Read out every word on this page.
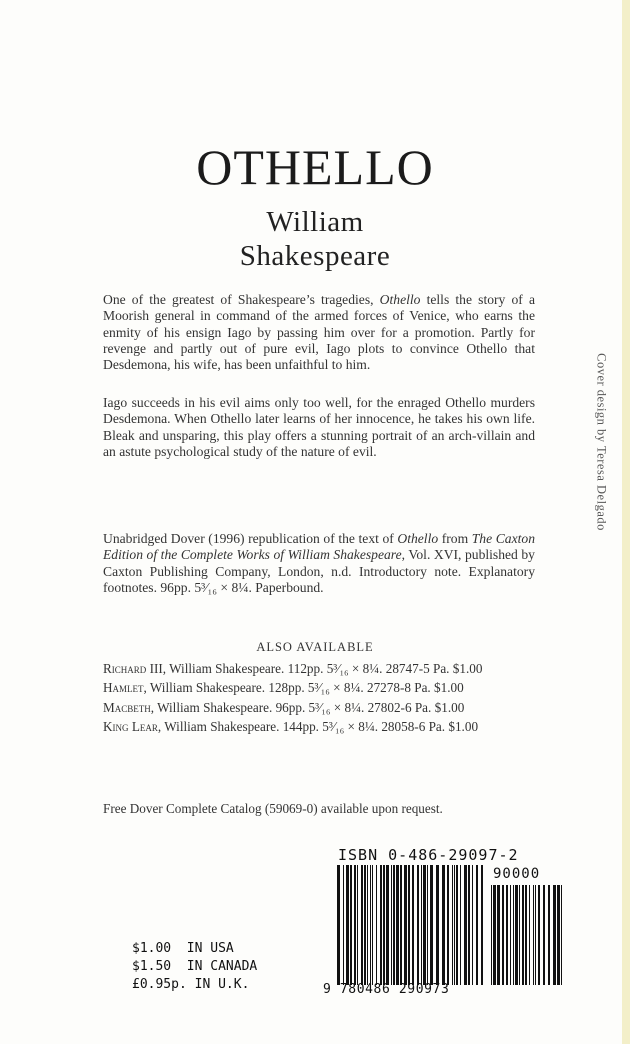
OTHELLO
William
Shakespeare
One of the greatest of Shakespeare’s tragedies, Othello tells the story of a Moorish general in command of the armed forces of Venice, who earns the enmity of his ensign Iago by passing him over for a promotion. Partly for revenge and partly out of pure evil, Iago plots to convince Othello that Desdemona, his wife, has been unfaithful to him.
Iago succeeds in his evil aims only too well, for the enraged Othello murders Desdemona. When Othello later learns of her innocence, he takes his own life. Bleak and unsparing, this play offers a stunning portrait of an arch-villain and an astute psychological study of the nature of evil.
Unabridged Dover (1996) republication of the text of Othello from The Caxton Edition of the Complete Works of William Shakespeare, Vol. XVI, published by Caxton Publishing Company, London, n.d. Introductory note. Explanatory footnotes. 96pp. 5³⁄₁₆ × 8¼. Paperbound.
ALSO AVAILABLE
Richard III, William Shakespeare. 112pp. 5³⁄₁₆ × 8¼. 28747-5 Pa. $1.00
Hamlet, William Shakespeare. 128pp. 5³⁄₁₆ × 8¼. 27278-8 Pa. $1.00
Macbeth, William Shakespeare. 96pp. 5³⁄₁₆ × 8¼. 27802-6 Pa. $1.00
King Lear, William Shakespeare. 144pp. 5³⁄₁₆ × 8¼. 28058-6 Pa. $1.00
Free Dover Complete Catalog (59069-0) available upon request.
Cover design by Teresa Delgado
ISBN 0-486-29097-2
90000
9 780486 290973
$1.00 IN USA
$1.50 IN CANADA
£0.95p. IN U.K.
